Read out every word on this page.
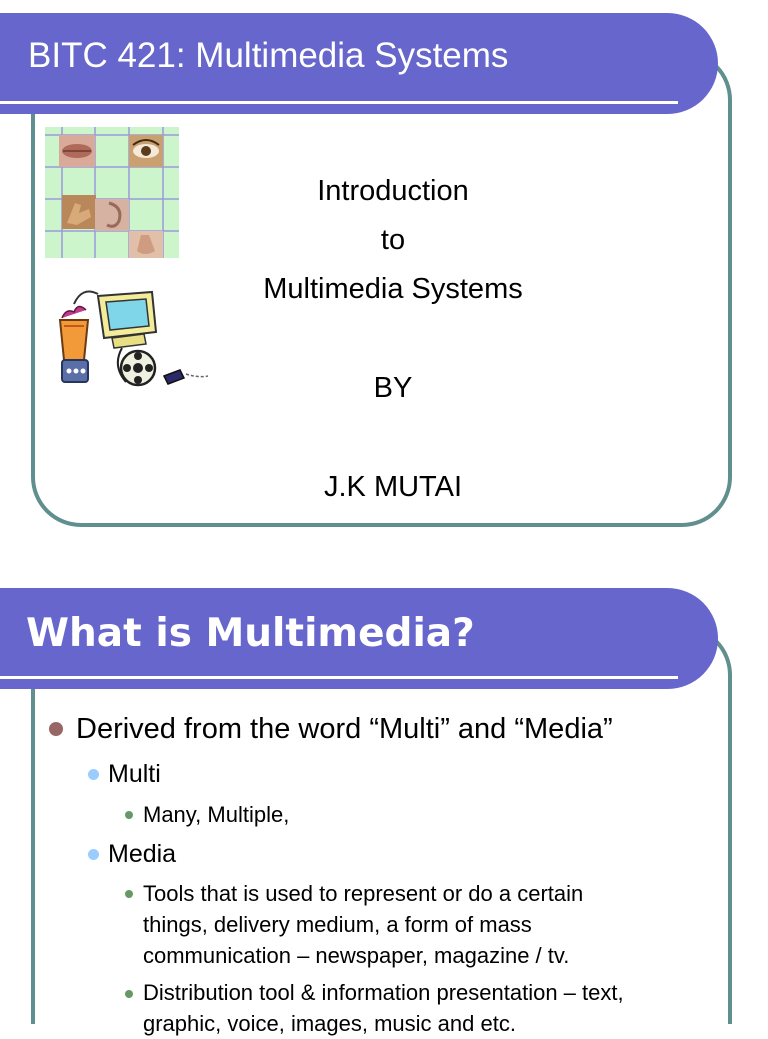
BITC 421: Multimedia Systems
Introduction
to
Multimedia Systems
BY
J.K MUTAI
What is Multimedia?
Derived from the word “Multi” and “Media”
Multi
Many, Multiple,
Media
Tools that is used to represent or do a certain
things, delivery medium, a form of mass
communication – newspaper, magazine / tv.
Distribution tool & information presentation – text,
graphic, voice, images, music and etc.
